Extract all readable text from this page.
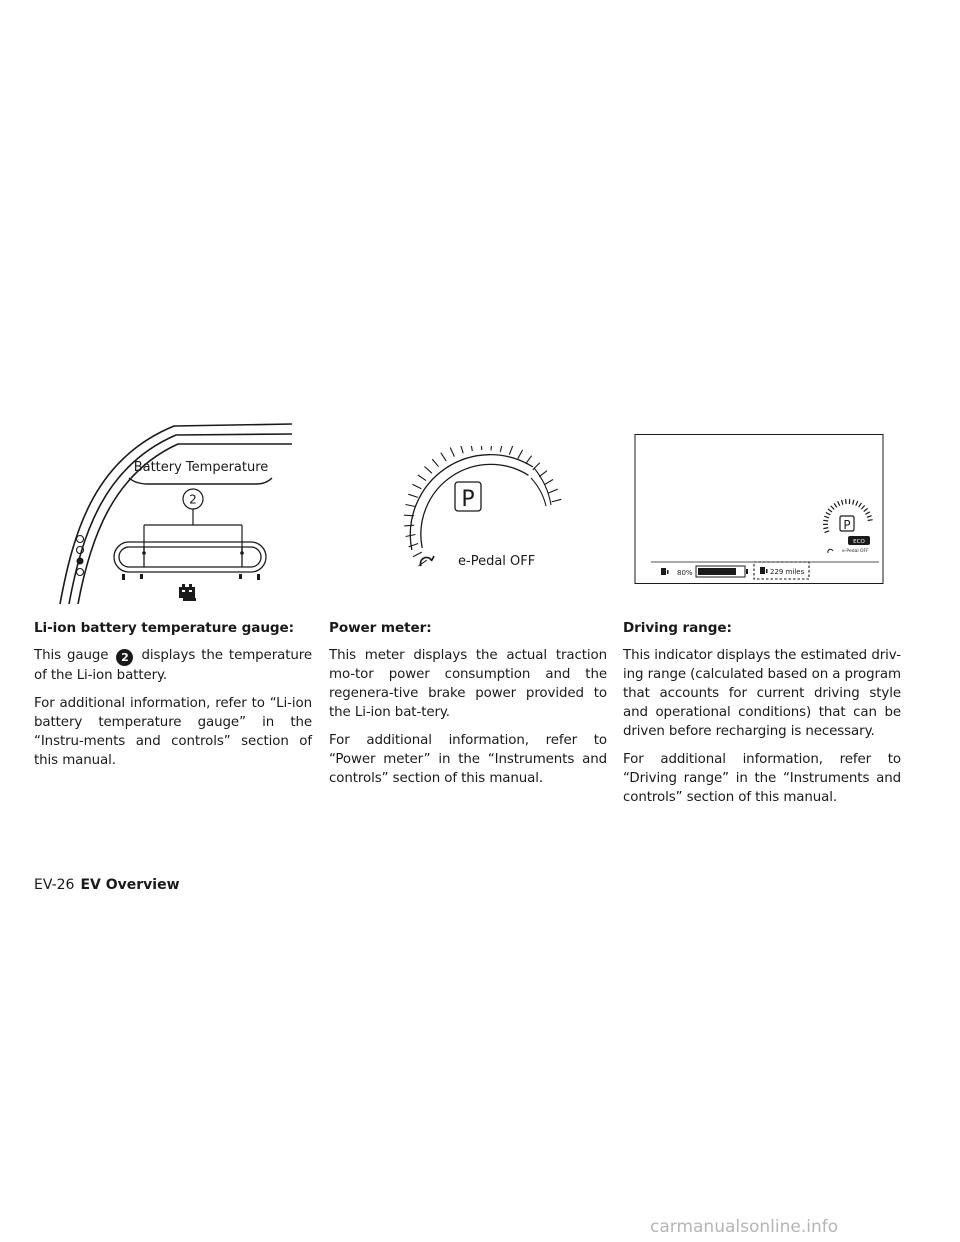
Battery Temperature
2	P
e-Pedal OFF
P
ECO
e-Pedal OFF
80%	229 miles
Li-ion battery temperature gauge:

This gauge 2 displays the temperature of the Li-ion battery.

For additional information, refer to “Li-ion battery temperature gauge” in the “Instru-ments and controls” section of this manual.

Power meter:

This meter displays the actual traction mo-tor power consumption and the regenera-tive brake power provided to the Li-ion bat-tery.

For additional information, refer to “Power meter” in the “Instruments and controls” section of this manual.

Driving range:

This indicator displays the estimated driv-ing range (calculated based on a program that accounts for current driving style and operational conditions) that can be driven before recharging is necessary.

For additional information, refer to “Driving range” in the “Instruments and controls” section of this manual.

EV-26 EV Overview
carmanualsonline.info
